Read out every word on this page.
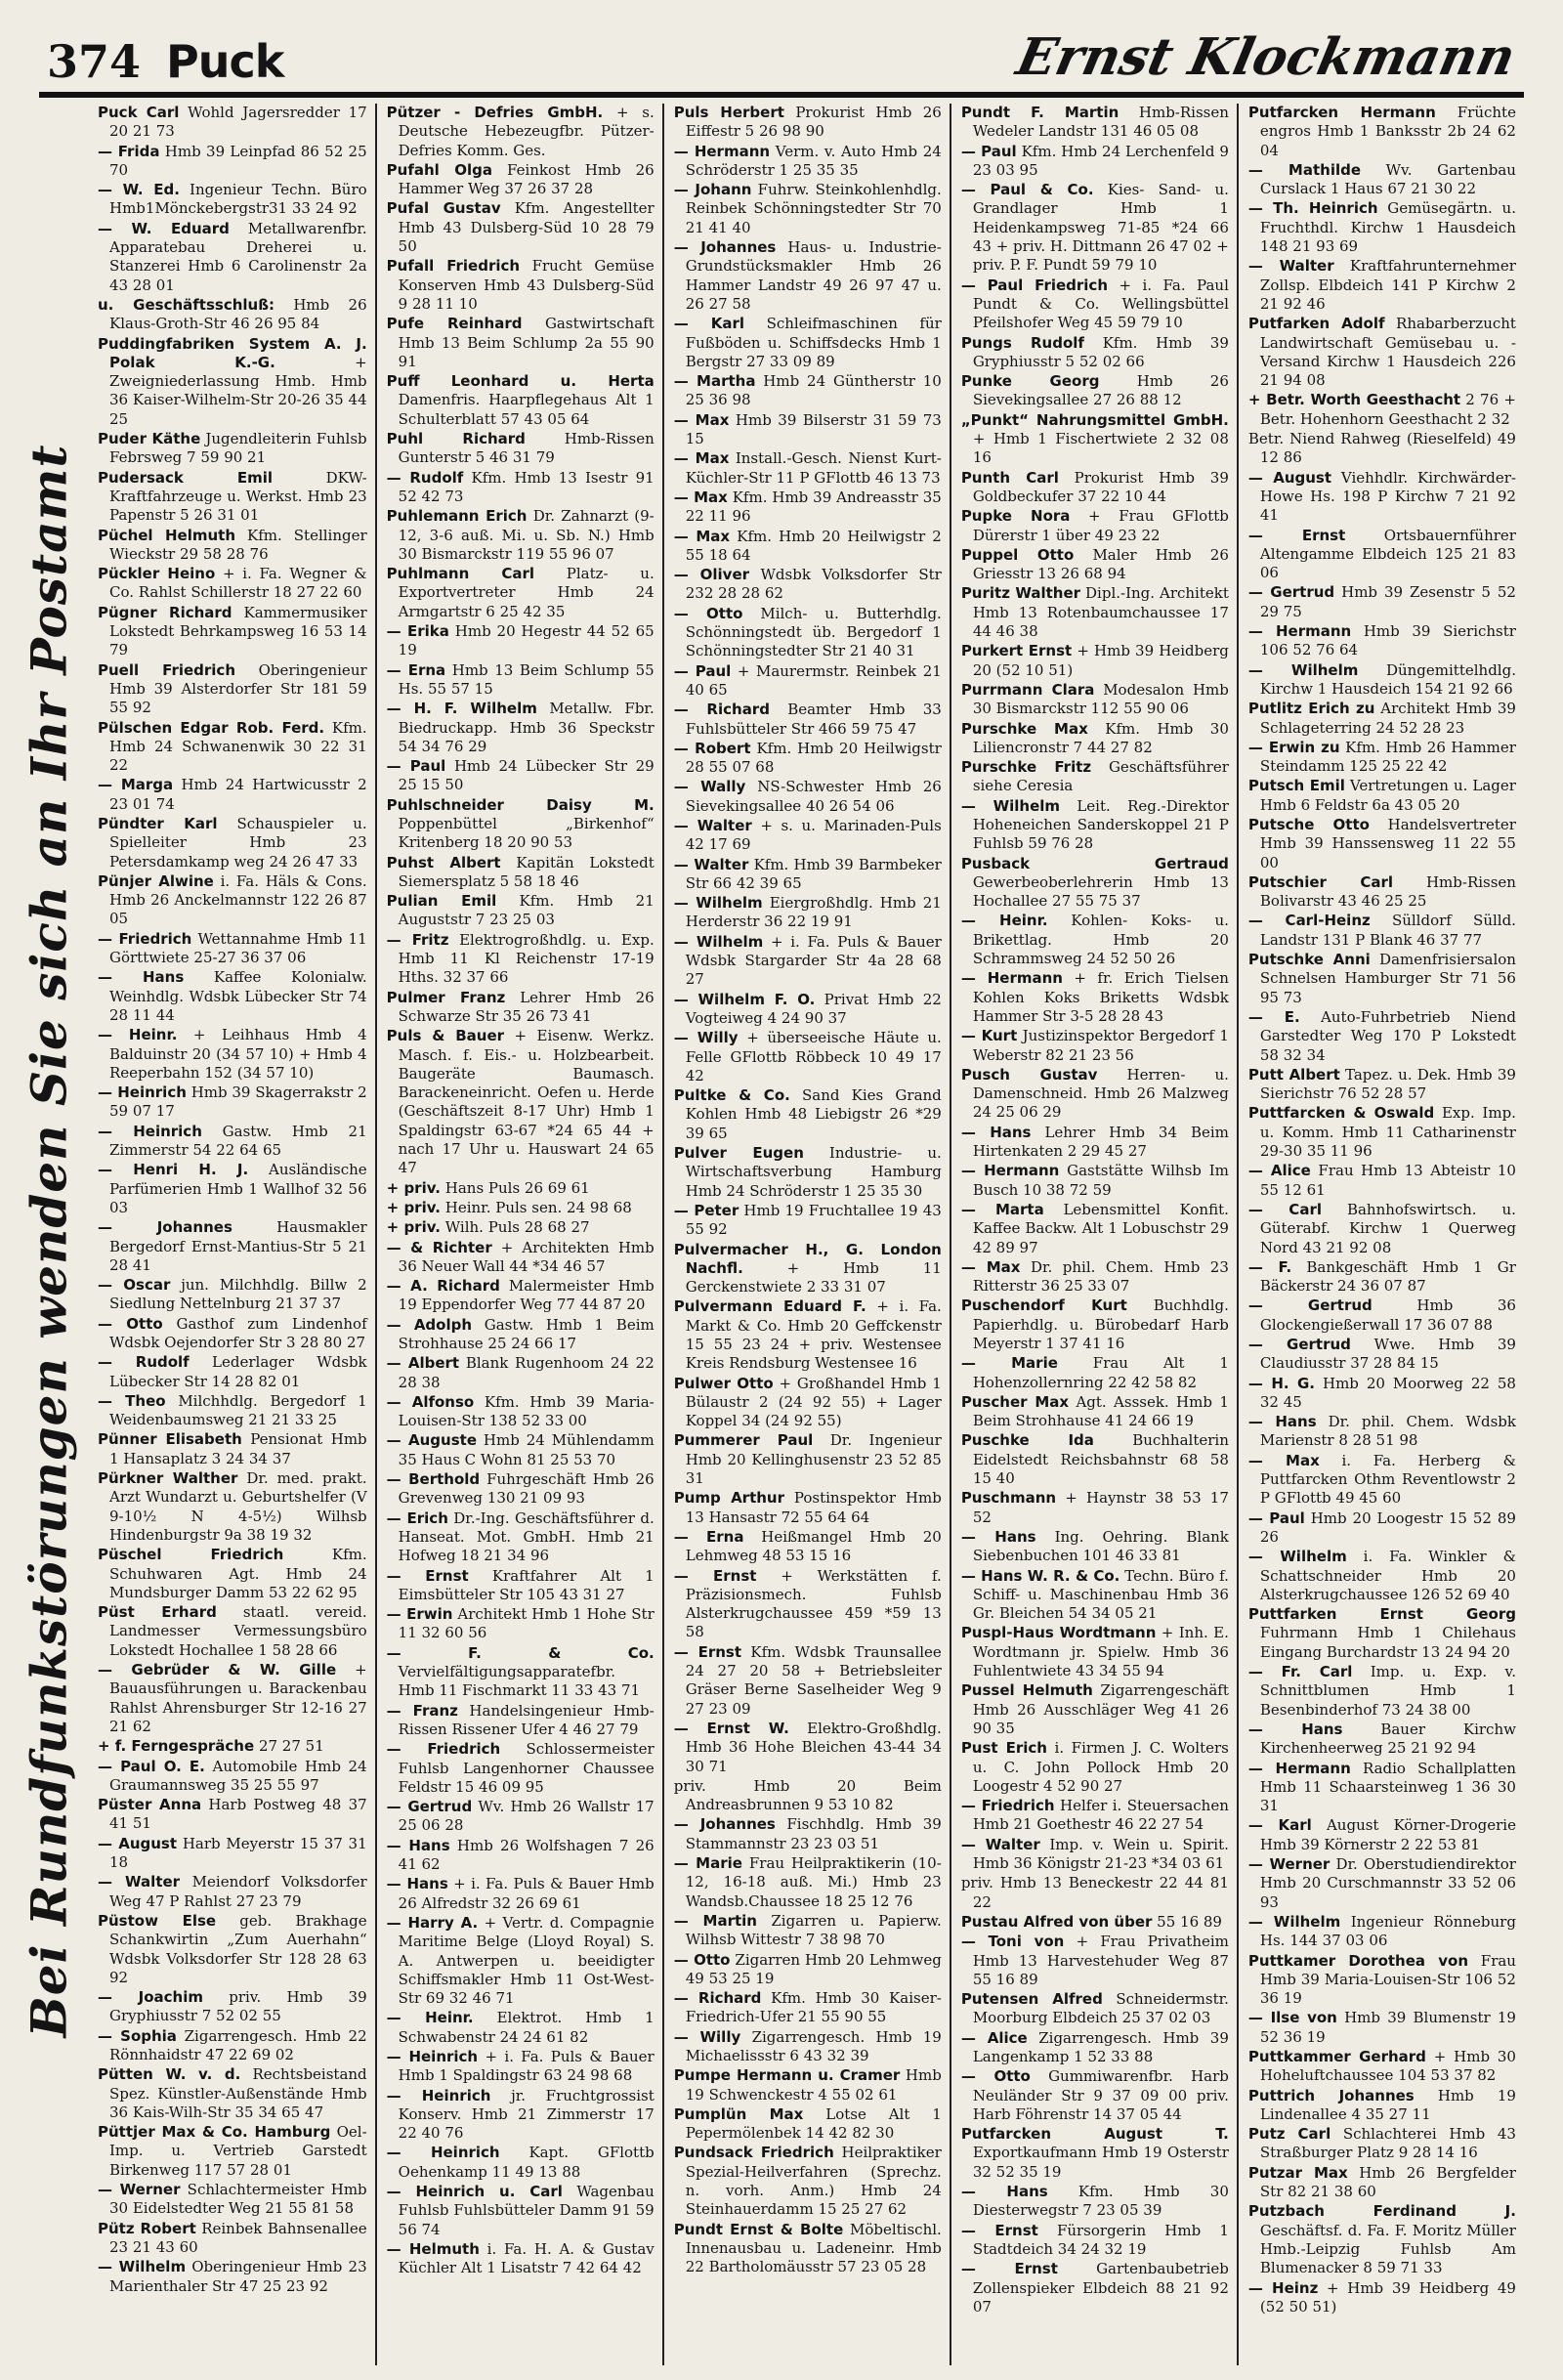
374 Puck	Ernst Klockmann
Bei Rundfunkstörungen wenden Sie sich an Ihr Postamt

Puck Carl Wohld Jagersredder 17 20 21 73

— Frida Hmb 39 Leinpfad 86 52 25 70

— W. Ed. Ingenieur Techn. Büro Hmb1Mönckebergstr31 33 24 92

— W. Eduard Metallwarenfbr. Apparatebau Dreherei u. Stanzerei Hmb 6 Carolinenstr 2a 43 28 01

u. Geschäftsschluß: Hmb 26 Klaus-Groth-Str 46 26 95 84

Puddingfabriken System A. J. Polak K.-G.	+ Zweigniederlassung Hmb. Hmb 36 Kaiser-Wilhelm-Str 20-26 35 44 25

Puder Käthe Jugendleiterin Fuhlsb Febrsweg 7 59 90 21

Pudersack Emil	DKW-Kraftfahrzeuge u. Werkst. Hmb 23 Papenstr 5 26 31 01

Püchel Helmuth Kfm. Stellinger Wieckstr 29 58 28 76

Pückler Heino + i. Fa. Wegner & Co. Rahlst Schillerstr 18 27 22 60

Pügner Richard Kammermusiker Lokstedt Behrkampsweg 16 53 14 79

Puell Friedrich Oberingenieur Hmb 39 Alsterdorfer Str 181 59 55 92

Pülschen Edgar Rob. Ferd. Kfm. Hmb 24 Schwanenwik 30 22 31 22

— Marga Hmb 24 Hartwicusstr 2 23 01 74

Pündter Karl Schauspieler u. Spielleiter Hmb 23 Petersdamkamp weg 24 26 47 33

Pünjer Alwine i. Fa. Häls & Cons. Hmb 26 Anckelmannstr 122 26 87 05

— Friedrich Wettannahme Hmb 11 Görttwiete 25-27 36 37 06

— Hans Kaffee Kolonialw. Weinhdlg. Wdsbk Lübecker Str 74 28 11 44

— Heinr. + Leihhaus Hmb 4 Balduinstr 20 (34 57 10) + Hmb 4 Reeperbahn 152 (34 57 10)

— Heinrich Hmb 39 Skagerrakstr 2 59 07 17

— Heinrich Gastw. Hmb 21 Zimmerstr 54 22 64 65

— Henri H. J. Ausländische Parfümerien Hmb 1 Wallhof 32 56 03

— Johannes	Hausmakler Bergedorf Ernst-Mantius-Str 5 21 28 41

— Oscar jun. Milchhdlg. Billw 2 Siedlung Nettelnburg 21 37 37

— Otto Gasthof zum Lindenhof Wdsbk Oejendorfer Str 3 28 80 27

— Rudolf Lederlager Wdsbk Lübecker Str 14 28 82 01

— Theo Milchhdlg. Bergedorf 1 Weidenbaumsweg 21 21 33 25

Pünner Elisabeth Pensionat Hmb 1 Hansaplatz 3 24 34 37

Pürkner Walther Dr. med. prakt. Arzt Wundarzt u. Geburtshelfer (V 9-10½ N 4-5½) Wilhsb Hindenburgstr 9a 38 19 32

Püschel Friedrich	Kfm. Schuhwaren Agt. Hmb 24 Mundsburger Damm 53 22 62 95

Püst Erhard staatl. vereid. Landmesser Vermessungsbüro Lokstedt Hochallee 1 58 28 66

— Gebrüder & W. Gille + Bauausführungen u. Barackenbau Rahlst Ahrensburger Str 12-16 27 21 62

+ f. Ferngespräche 27 27 51

— Paul O. E. Automobile Hmb 24 Graumannsweg 35 25 55 97

Püster Anna Harb Postweg 48 37 41 51

— August Harb Meyerstr 15 37 31 18

— Walter Meiendorf Volksdorfer Weg 47 P Rahlst 27 23 79

Püstow Else geb. Brakhage Schankwirtin „Zum Auerhahn“ Wdsbk Volksdorfer Str 128 28 63 92

— Joachim priv. Hmb 39 Gryphiusstr 7 52 02 55

— Sophia Zigarrengesch. Hmb 22 Rönnhaidstr 47 22 69 02

Pütten W. v. d. Rechtsbeistand Spez. Künstler-Außenstände Hmb 36 Kais-Wilh-Str 35 34 65 47

Püttjer Max & Co. Hamburg Oel-Imp. u. Vertrieb Garstedt Birkenweg 117 57 28 01

— Werner Schlachtermeister Hmb 30 Eidelstedter Weg 21 55 81 58

Pütz Robert Reinbek Bahnsenallee 23 21 43 60

— Wilhelm Oberingenieur Hmb 23 Marienthaler Str 47 25 23 92

Pützer - Defries GmbH. + s. Deutsche Hebezeugfbr. Pützer-Defries Komm. Ges.

Pufahl Olga Feinkost Hmb 26 Hammer Weg 37 26 37 28

Pufal Gustav Kfm. Angestellter Hmb 43 Dulsberg-Süd 10 28 79 50

Pufall Friedrich Frucht Gemüse Konserven Hmb 43 Dulsberg-Süd 9 28 11 10

Pufe Reinhard Gastwirtschaft Hmb 13 Beim Schlump 2a 55 90 91

Puff Leonhard u. Herta Damenfris. Haarpflegehaus Alt 1 Schulterblatt 57 43 05 64

Puhl Richard	Hmb-Rissen Gunterstr 5 46 31 79

— Rudolf Kfm. Hmb 13 Isestr 91 52 42 73

Puhlemann Erich Dr. Zahnarzt (9-12, 3-6 auß. Mi. u. Sb. N.) Hmb 30 Bismarckstr 119 55 96 07

Puhlmann Carl Platz- u. Exportvertreter Hmb 24 Armgartstr 6 25 42 35

— Erika Hmb 20 Hegestr 44 52 65 19

— Erna Hmb 13 Beim Schlump 55 Hs. 55 57 15

— H. F. Wilhelm Metallw. Fbr. Biedruckapp. Hmb 36 Speckstr 54 34 76 29

— Paul Hmb 24 Lübecker Str 29 25 15 50

Puhlschneider Daisy M. Poppenbüttel „Birkenhof“ Kritenberg 18 20 90 53

Puhst Albert Kapitän Lokstedt Siemersplatz 5 58 18 46

Pulian Emil Kfm. Hmb 21 Auguststr 7 23 25 03

— Fritz Elektrogroßhdlg. u. Exp. Hmb 11 Kl Reichenstr 17-19 Hths. 32 37 66

Pulmer Franz Lehrer Hmb 26 Schwarze Str 35 26 73 41

Puls & Bauer + Eisenw. Werkz. Masch. f. Eis.- u. Holzbearbeit. Baugeräte Baumasch. Barackeneinricht. Oefen u. Herde (Geschäftszeit 8-17 Uhr) Hmb 1 Spaldingstr 63-67 *24 65 44 + nach 17 Uhr u. Hauswart 24 65 47

+ priv. Hans Puls 26 69 61

+ priv. Heinr. Puls sen. 24 98 68

+ priv. Wilh. Puls 28 68 27

— & Richter + Architekten Hmb 36 Neuer Wall 44 *34 46 57

— A. Richard Malermeister Hmb 19 Eppendorfer Weg 77 44 87 20

— Adolph Gastw. Hmb 1 Beim Strohhause 25 24 66 17

— Albert Blank Rugenhoom 24 22 28 38

— Alfonso Kfm. Hmb 39 Maria-Louisen-Str 138 52 33 00

— Auguste Hmb 24 Mühlendamm 35 Haus C Wohn 81 25 53 70

— Berthold Fuhrgeschäft Hmb 26 Grevenweg 130 21 09 93

— Erich Dr.-Ing. Geschäftsführer d. Hanseat. Mot. GmbH. Hmb 21 Hofweg 18 21 34 96

— Ernst Kraftfahrer Alt 1 Eimsbütteler Str 105 43 31 27

— Erwin Architekt Hmb 1 Hohe Str 11 32 60 56

— F. & Co. Vervielfältigungsapparatefbr. Hmb 11 Fischmarkt 11 33 43 71

— Franz Handelsingenieur Hmb-Rissen Rissener Ufer 4 46 27 79

— Friedrich Schlossermeister Fuhlsb Langenhorner Chaussee Feldstr 15 46 09 95

— Gertrud Wv. Hmb 26 Wallstr 17 25 06 28

— Hans Hmb 26 Wolfshagen 7 26 41 62

— Hans + i. Fa. Puls & Bauer Hmb 26 Alfredstr 32 26 69 61

— Harry A. + Vertr. d. Compagnie Maritime Belge (Lloyd Royal) S. A. Antwerpen u. beeidigter Schiffsmakler Hmb 11 Ost-West-Str 69 32 46 71

— Heinr. Elektrot. Hmb 1 Schwabenstr 24 24 61 82

— Heinrich + i. Fa. Puls & Bauer Hmb 1 Spaldingstr 63 24 98 68

— Heinrich jr. Fruchtgrossist Konserv. Hmb 21 Zimmerstr 17 22 40 76

— Heinrich Kapt. GFlottb Oehenkamp 11 49 13 88

— Heinrich u. Carl Wagenbau Fuhlsb Fuhlsbütteler Damm 91 59 56 74

— Helmuth i. Fa. H. A. & Gustav Küchler Alt 1 Lisatstr 7 42 64 42

Puls Herbert Prokurist Hmb 26 Eiffestr 5 26 98 90

— Hermann Verm. v. Auto Hmb 24 Schröderstr 1 25 35 35

— Johann Fuhrw. Steinkohlenhdlg. Reinbek Schönningstedter Str 70 21 41 40

— Johannes Haus- u. Industrie-Grundstücksmakler Hmb 26 Hammer Landstr 49 26 97 47 u. 26 27 58

— Karl Schleifmaschinen für Fußböden u. Schiffsdecks Hmb 1 Bergstr 27 33 09 89

— Martha Hmb 24 Güntherstr 10 25 36 98

— Max Hmb 39 Bilserstr 31 59 73 15

— Max Install.-Gesch. Nienst Kurt-Küchler-Str 11 P GFlottb 46 13 73

— Max Kfm. Hmb 39 Andreasstr 35 22 11 96

— Max Kfm. Hmb 20 Heilwigstr 2 55 18 64

— Oliver Wdsbk Volksdorfer Str 232 28 28 62

— Otto Milch- u. Butterhdlg. Schönningstedt üb. Bergedorf 1 Schönningstedter Str 21 40 31

— Paul + Maurermstr. Reinbek 21 40 65

— Richard Beamter Hmb 33 Fuhlsbütteler Str 466 59 75 47

— Robert Kfm. Hmb 20 Heilwigstr 28 55 07 68

— Wally NS-Schwester Hmb 26 Sievekingsallee 40 26 54 06

— Walter + s. u. Marinaden-Puls 42 17 69

— Walter Kfm. Hmb 39 Barmbeker Str 66 42 39 65

— Wilhelm Eiergroßhdlg. Hmb 21 Herderstr 36 22 19 91

— Wilhelm + i. Fa. Puls & Bauer Wdsbk Stargarder Str 4a 28 68 27

— Wilhelm F. O. Privat Hmb 22 Vogteiweg 4 24 90 37

— Willy + überseeische Häute u. Felle GFlottb Röbbeck 10 49 17 42

Pultke & Co. Sand Kies Grand Kohlen Hmb 48 Liebigstr 26 *29 39 65

Pulver Eugen Industrie- u. Wirtschaftsverbung Hamburg Hmb 24 Schröderstr 1 25 35 30

— Peter Hmb 19 Fruchtallee 19 43 55 92

Pulvermacher H., G. London Nachfl.	+ Hmb 11 Gerckenstwiete 2 33 31 07

Pulvermann Eduard F. + i. Fa. Markt & Co. Hmb 20 Geffckenstr 15 55 23 24 + priv. Westensee Kreis Rendsburg Westensee 16

Pulwer Otto + Großhandel Hmb 1 Bülaustr 2 (24 92 55) + Lager Koppel 34 (24 92 55)

Pummerer Paul Dr. Ingenieur Hmb 20 Kellinghusenstr 23 52 85 31

Pump Arthur Postinspektor Hmb 13 Hansastr 72 55 64 64

— Erna Heißmangel Hmb 20 Lehmweg 48 53 15 16

— Ernst + Werkstätten f. Präzisionsmech. Fuhlsb Alsterkrugchaussee 459 *59 13 58

— Ernst Kfm. Wdsbk Traunsallee 24 27 20 58 + Betriebsleiter Gräser Berne Saselheider Weg 9 27 23 09

— Ernst W. Elektro-Großhdlg. Hmb 36 Hohe Bleichen 43-44 34 30 71

priv. Hmb 20 Beim Andreasbrunnen 9 53 10 82

— Johannes Fischhdlg. Hmb 39 Stammannstr 23 23 03 51

— Marie Frau Heilpraktikerin (10-12, 16-18 auß. Mi.) Hmb 23 Wandsb.Chaussee 18 25 12 76

— Martin Zigarren u. Papierw. Wilhsb Wittestr 7 38 98 70

— Otto Zigarren Hmb 20 Lehmweg 49 53 25 19

— Richard Kfm. Hmb 30 Kaiser-Friedrich-Ufer 21 55 90 55

— Willy Zigarrengesch. Hmb 19 Michaelissstr 6 43 32 39

Pumpe Hermann u. Cramer Hmb 19 Schwenckestr 4 55 02 61

Pumplün Max Lotse Alt 1 Pepermölenbek 14 42 82 30

Pundsack Friedrich Heilpraktiker Spezial-Heilverfahren (Sprechz. n. vorh. Anm.) Hmb 24 Steinhauerdamm 15 25 27 62

Pundt Ernst & Bolte Möbeltischl. Innenausbau u. Ladeneinr. Hmb 22 Bartholomäusstr 57 23 05 28

Pundt F. Martin Hmb-Rissen Wedeler Landstr 131 46 05 08

— Paul Kfm. Hmb 24 Lerchenfeld 9 23 03 95

— Paul & Co. Kies- Sand- u. Grandlager Hmb 1 Heidenkampsweg 71-85 *24 66 43 + priv. H. Dittmann 26 47 02 + priv. P. F. Pundt 59 79 10

— Paul Friedrich + i. Fa. Paul Pundt & Co. Wellingsbüttel Pfeilshofer Weg 45 59 79 10

Pungs Rudolf Kfm. Hmb 39 Gryphiusstr 5 52 02 66

Punke Georg	Hmb 26 Sievekingsallee 27 26 88 12

„Punkt“ Nahrungsmittel GmbH. + Hmb 1 Fischertwiete 2 32 08 16

Punth Carl Prokurist Hmb 39 Goldbeckufer 37 22 10 44

Pupke Nora + Frau GFlottb Dürerstr 1 über 49 23 22

Puppel Otto Maler Hmb 26 Griesstr 13 26 68 94

Puritz Walther Dipl.-Ing. Architekt Hmb 13 Rotenbaumchaussee 17 44 46 38

Purkert Ernst + Hmb 39 Heidberg 20 (52 10 51)

Purrmann Clara Modesalon Hmb 30 Bismarckstr 112 55 90 06

Purschke Max Kfm. Hmb 30 Liliencronstr 7 44 27 82

Purschke Fritz Geschäftsführer siehe Ceresia

— Wilhelm Leit. Reg.-Direktor Hoheneichen Sanderskoppel 21 P Fuhlsb 59 76 28

Pusback Gertraud Gewerbeoberlehrerin Hmb 13 Hochallee 27 55 75 37

— Heinr. Kohlen- Koks- u. Brikettlag. Hmb 20 Schrammsweg 24 52 50 26

— Hermann + fr. Erich Tielsen Kohlen Koks Briketts Wdsbk Hammer Str 3-5 28 28 43

— Kurt Justizinspektor Bergedorf 1 Weberstr 82 21 23 56

Pusch Gustav Herren- u. Damenschneid. Hmb 26 Malzweg 24 25 06 29

— Hans Lehrer Hmb 34 Beim Hirtenkaten 2 29 45 27

— Hermann Gaststätte Wilhsb Im Busch 10 38 72 59

— Marta Lebensmittel Konfit. Kaffee Backw. Alt 1 Lobuschstr 29 42 89 97

— Max Dr. phil. Chem. Hmb 23 Ritterstr 36 25 33 07

Puschendorf Kurt Buchhdlg. Papierhdlg. u. Bürobedarf Harb Meyerstr 1 37 41 16

— Marie Frau Alt 1 Hohenzollernring 22 42 58 82

Puscher Max Agt. Asssek. Hmb 1 Beim Strohhause 41 24 66 19

Puschke Ida	Buchhalterin Eidelstedt Reichsbahnstr 68 58 15 40

Puschmann + Haynstr 38 53 17 52

— Hans Ing. Oehring. Blank Siebenbuchen 101 46 33 81

— Hans W. R. & Co. Techn. Büro f. Schiff- u. Maschinenbau Hmb 36 Gr. Bleichen 54 34 05 21

Puspl-Haus Wordtmann + Inh. E. Wordtmann jr. Spielw. Hmb 36 Fuhlentwiete 43 34 55 94

Pussel Helmuth Zigarrengeschäft Hmb 26 Ausschläger Weg 41 26 90 35

Pust Erich i. Firmen J. C. Wolters u. C. John Pollock Hmb 20 Loogestr 4 52 90 27

— Friedrich Helfer i. Steuersachen Hmb 21 Goethestr 46 22 27 54

— Walter Imp. v. Wein u. Spirit. Hmb 36 Königstr 21-23 *34 03 61

priv. Hmb 13 Beneckestr 22 44 81 22

Pustau Alfred von über 55 16 89

— Toni von + Frau Privatheim Hmb 13 Harvestehuder Weg 87 55 16 89

Putensen Alfred Schneidermstr. Moorburg Elbdeich 25 37 02 03

— Alice Zigarrengesch. Hmb 39 Langenkamp 1 52 33 88

— Otto Gummiwarenfbr. Harb Neuländer Str 9 37 09 00 priv. Harb Föhrenstr 14 37 05 44

Putfarcken August T. Exportkaufmann Hmb 19 Osterstr 32 52 35 19

— Hans Kfm. Hmb 30 Diesterwegstr 7 23 05 39

— Ernst Fürsorgerin Hmb 1 Stadtdeich 34 24 32 19

— Ernst	Gartenbaubetrieb Zollenspieker Elbdeich 88 21 92 07

Putfarcken Hermann Früchte engros Hmb 1 Banksstr 2b 24 62 04

— Mathilde Wv. Gartenbau Curslack 1 Haus 67 21 30 22

— Th. Heinrich Gemüsegärtn. u. Fruchthdl. Kirchw 1 Hausdeich 148 21 93 69

— Walter Kraftfahrunternehmer Zollsp. Elbdeich 141 P Kirchw 2 21 92 46

Putfarken Adolf Rhabarberzucht Landwirtschaft Gemüsebau u. -Versand Kirchw 1 Hausdeich 226 21 94 08

+ Betr. Worth Geesthacht 2 76 + Betr. Hohenhorn Geesthacht 2 32

Betr. Niend Rahweg (Rieselfeld) 49 12 86

— August Viehhdlr. Kirchwärder-Howe Hs. 198 P Kirchw 7 21 92 41

— Ernst	Ortsbauernführer Altengamme Elbdeich 125 21 83 06

— Gertrud Hmb 39 Zesenstr 5 52 29 75

— Hermann Hmb 39 Sierichstr 106 52 76 64

— Wilhelm Düngemittelhdlg. Kirchw 1 Hausdeich 154 21 92 66

Putlitz Erich zu Architekt Hmb 39 Schlageterring 24 52 28 23

— Erwin zu Kfm. Hmb 26 Hammer Steindamm 125 25 22 42

Putsch Emil Vertretungen u. Lager Hmb 6 Feldstr 6a 43 05 20

Putsche Otto Handelsvertreter Hmb 39 Hanssensweg 11 22 55 00

Putschier Carl Hmb-Rissen Bolivarstr 43 46 25 25

— Carl-Heinz Sülldorf Sülld. Landstr 131 P Blank 46 37 77

Putschke Anni Damenfrisiersalon Schnelsen Hamburger Str 71 56 95 73

— E. Auto-Fuhrbetrieb Niend Garstedter Weg 170 P Lokstedt 58 32 34

Putt Albert Tapez. u. Dek. Hmb 39 Sierichstr 76 52 28 57

Puttfarcken & Oswald Exp. Imp. u. Komm. Hmb 11 Catharinenstr 29-30 35 11 96

— Alice Frau Hmb 13 Abteistr 10 55 12 61

— Carl Bahnhofswirtsch. u. Güterabf. Kirchw 1 Querweg Nord 43 21 92 08

— F. Bankgeschäft Hmb 1 Gr Bäckerstr 24 36 07 87

— Gertrud	Hmb 36 Glockengießerwall 17 36 07 88

— Gertrud Wwe. Hmb 39 Claudiusstr 37 28 84 15

— H. G. Hmb 20 Moorweg 22 58 32 45

— Hans Dr. phil. Chem. Wdsbk Marienstr 8 28 51 98

— Max i. Fa. Herberg & Puttfarcken Othm Reventlowstr 2 P GFlottb 49 45 60

— Paul Hmb 20 Loogestr 15 52 89 26

— Wilhelm i. Fa. Winkler & Schattschneider Hmb 20 Alsterkrugchaussee 126 52 69 40

Puttfarken Ernst Georg Fuhrmann Hmb 1 Chilehaus Eingang Burchardstr 13 24 94 20

— Fr. Carl Imp. u. Exp. v. Schnittblumen Hmb 1 Besenbinderhof 73 24 38 00

— Hans	Bauer Kirchw Kirchenheerweg 25 21 92 94

— Hermann Radio Schallplatten Hmb 11 Schaarsteinweg 1 36 30 31

— Karl August Körner-Drogerie Hmb 39 Körnerstr 2 22 53 81

— Werner Dr. Oberstudiendirektor Hmb 20 Curschmannstr 33 52 06 93

— Wilhelm Ingenieur Rönneburg Hs. 144 37 03 06

Puttkamer Dorothea von Frau Hmb 39 Maria-Louisen-Str 106 52 36 19

— Ilse von Hmb 39 Blumenstr 19 52 36 19

Puttkammer Gerhard + Hmb 30 Hoheluftchaussee 104 53 37 82

Puttrich Johannes Hmb 19 Lindenallee 4 35 27 11

Putz Carl Schlachterei Hmb 43 Straßburger Platz 9 28 14 16

Putzar Max Hmb 26 Bergfelder Str 82 21 38 60

Putzbach Ferdinand J. Geschäftsf. d. Fa. F. Moritz Müller Hmb.-Leipzig Fuhlsb Am Blumenacker 8 59 71 33

— Heinz + Hmb 39 Heidberg 49 (52 50 51)
